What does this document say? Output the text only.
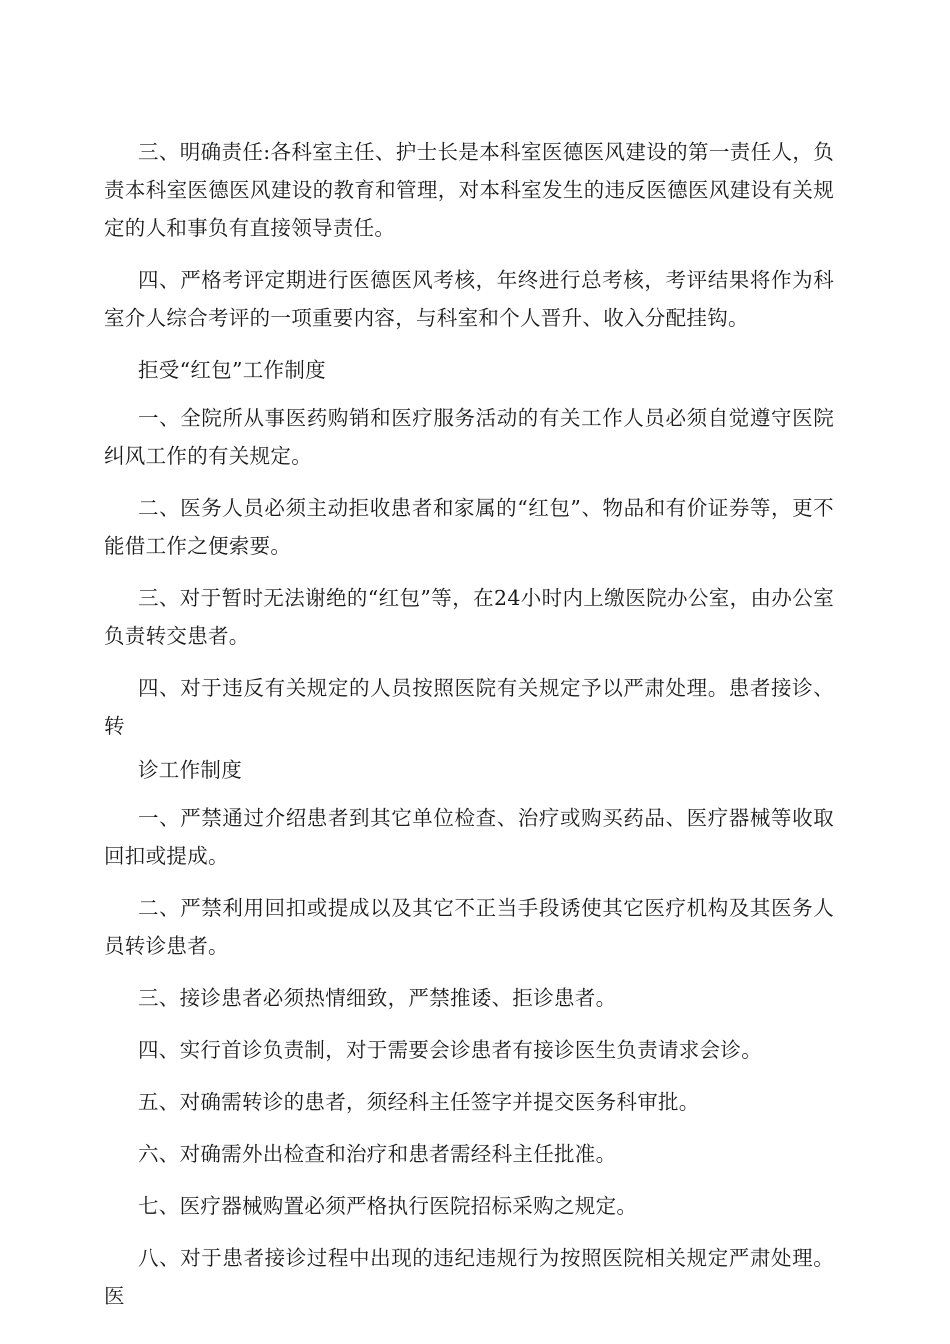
三、明确责任:各科室主任、护士长是本科室医德医风建设的第一责任人，负责本科室医德医风建设的教育和管理，对本科室发生的违反医德医风建设有关规定的人和事负有直接领导责任。

四、严格考评定期进行医德医风考核，年终进行总考核，考评结果将作为科室介人综合考评的一项重要内容，与科室和个人晋升、收入分配挂钩。

拒受“红包”工作制度

一、全院所从事医药购销和医疗服务活动的有关工作人员必须自觉遵守医院纠风工作的有关规定。

二、医务人员必须主动拒收患者和家属的“红包”、物品和有价证券等，更不能借工作之便索要。

三、对于暂时无法谢绝的“红包”等，在24小时内上缴医院办公室，由办公室负责转交患者。

四、对于违反有关规定的人员按照医院有关规定予以严肃处理。患者接诊、转

诊工作制度

一、严禁通过介绍患者到其它单位检查、治疗或购买药品、医疗器械等收取回扣或提成。

二、严禁利用回扣或提成以及其它不正当手段诱使其它医疗机构及其医务人员转诊患者。

三、接诊患者必须热情细致，严禁推诿、拒诊患者。

四、实行首诊负责制，对于需要会诊患者有接诊医生负责请求会诊。

五、对确需转诊的患者，须经科主任签字并提交医务科审批。

六、对确需外出检查和治疗和患者需经科主任批准。

七、医疗器械购置必须严格执行医院招标采购之规定。

八、对于患者接诊过程中出现的违纪违规行为按照医院相关规定严肃处理。医
